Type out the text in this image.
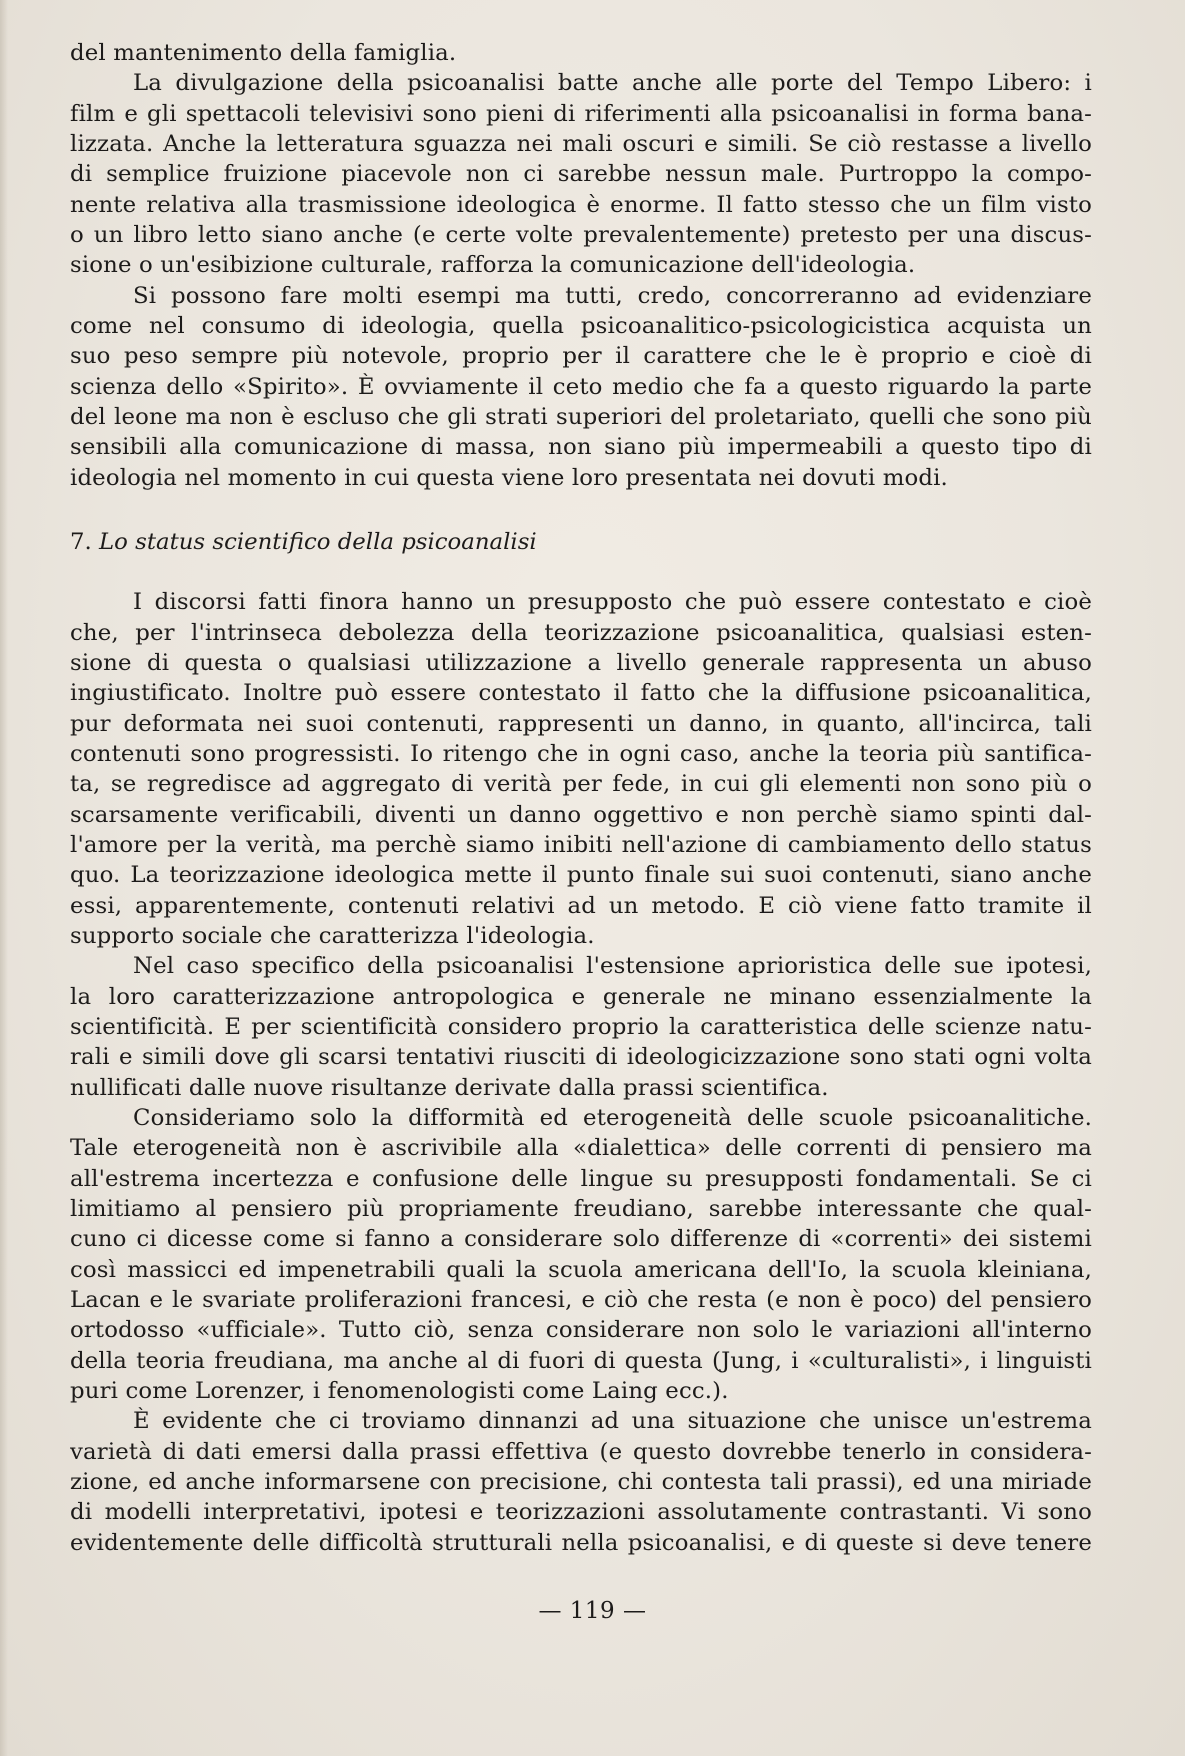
del mantenimento della famiglia.
La divulgazione della psicoanalisi batte anche alle porte del Tempo Libero: i
film e gli spettacoli televisivi sono pieni di riferimenti alla psicoanalisi in forma bana-
lizzata. Anche la letteratura sguazza nei mali oscuri e simili. Se ciò restasse a livello
di semplice fruizione piacevole non ci sarebbe nessun male. Purtroppo la compo-
nente relativa alla trasmissione ideologica è enorme. Il fatto stesso che un film visto
o un libro letto siano anche (e certe volte prevalentemente) pretesto per una discus-
sione o un'esibizione culturale, rafforza la comunicazione dell'ideologia.
Si possono fare molti esempi ma tutti, credo, concorreranno ad evidenziare
come nel consumo di ideologia, quella psicoanalitico-psicologicistica acquista un
suo peso sempre più notevole, proprio per il carattere che le è proprio e cioè di
scienza dello «Spirito». È ovviamente il ceto medio che fa a questo riguardo la parte
del leone ma non è escluso che gli strati superiori del proletariato, quelli che sono più
sensibili alla comunicazione di massa, non siano più impermeabili a questo tipo di
ideologia nel momento in cui questa viene loro presentata nei dovuti modi.
7. Lo status scientifico della psicoanalisi
I discorsi fatti finora hanno un presupposto che può essere contestato e cioè
che, per l'intrinseca debolezza della teorizzazione psicoanalitica, qualsiasi esten-
sione di questa o qualsiasi utilizzazione a livello generale rappresenta un abuso
ingiustificato. Inoltre può essere contestato il fatto che la diffusione psicoanalitica,
pur deformata nei suoi contenuti, rappresenti un danno, in quanto, all'incirca, tali
contenuti sono progressisti. Io ritengo che in ogni caso, anche la teoria più santifica-
ta, se regredisce ad aggregato di verità per fede, in cui gli elementi non sono più o
scarsamente verificabili, diventi un danno oggettivo e non perchè siamo spinti dal-
l'amore per la verità, ma perchè siamo inibiti nell'azione di cambiamento dello status
quo. La teorizzazione ideologica mette il punto finale sui suoi contenuti, siano anche
essi, apparentemente, contenuti relativi ad un metodo. E ciò viene fatto tramite il
supporto sociale che caratterizza l'ideologia.
Nel caso specifico della psicoanalisi l'estensione aprioristica delle sue ipotesi,
la loro caratterizzazione antropologica e generale ne minano essenzialmente la
scientificità. E per scientificità considero proprio la caratteristica delle scienze natu-
rali e simili dove gli scarsi tentativi riusciti di ideologicizzazione sono stati ogni volta
nullificati dalle nuove risultanze derivate dalla prassi scientifica.
Consideriamo solo la difformità ed eterogeneità delle scuole psicoanalitiche.
Tale eterogeneità non è ascrivibile alla «dialettica» delle correnti di pensiero ma
all'estrema incertezza e confusione delle lingue su presupposti fondamentali. Se ci
limitiamo al pensiero più propriamente freudiano, sarebbe interessante che qual-
cuno ci dicesse come si fanno a considerare solo differenze di «correnti» dei sistemi
così massicci ed impenetrabili quali la scuola americana dell'Io, la scuola kleiniana,
Lacan e le svariate proliferazioni francesi, e ciò che resta (e non è poco) del pensiero
ortodosso «ufficiale». Tutto ciò, senza considerare non solo le variazioni all'interno
della teoria freudiana, ma anche al di fuori di questa (Jung, i «culturalisti», i linguisti
puri come Lorenzer, i fenomenologisti come Laing ecc.).
È evidente che ci troviamo dinnanzi ad una situazione che unisce un'estrema
varietà di dati emersi dalla prassi effettiva (e questo dovrebbe tenerlo in considera-
zione, ed anche informarsene con precisione, chi contesta tali prassi), ed una miriade
di modelli interpretativi, ipotesi e teorizzazioni assolutamente contrastanti. Vi sono
evidentemente delle difficoltà strutturali nella psicoanalisi, e di queste si deve tenere
— 119 —
